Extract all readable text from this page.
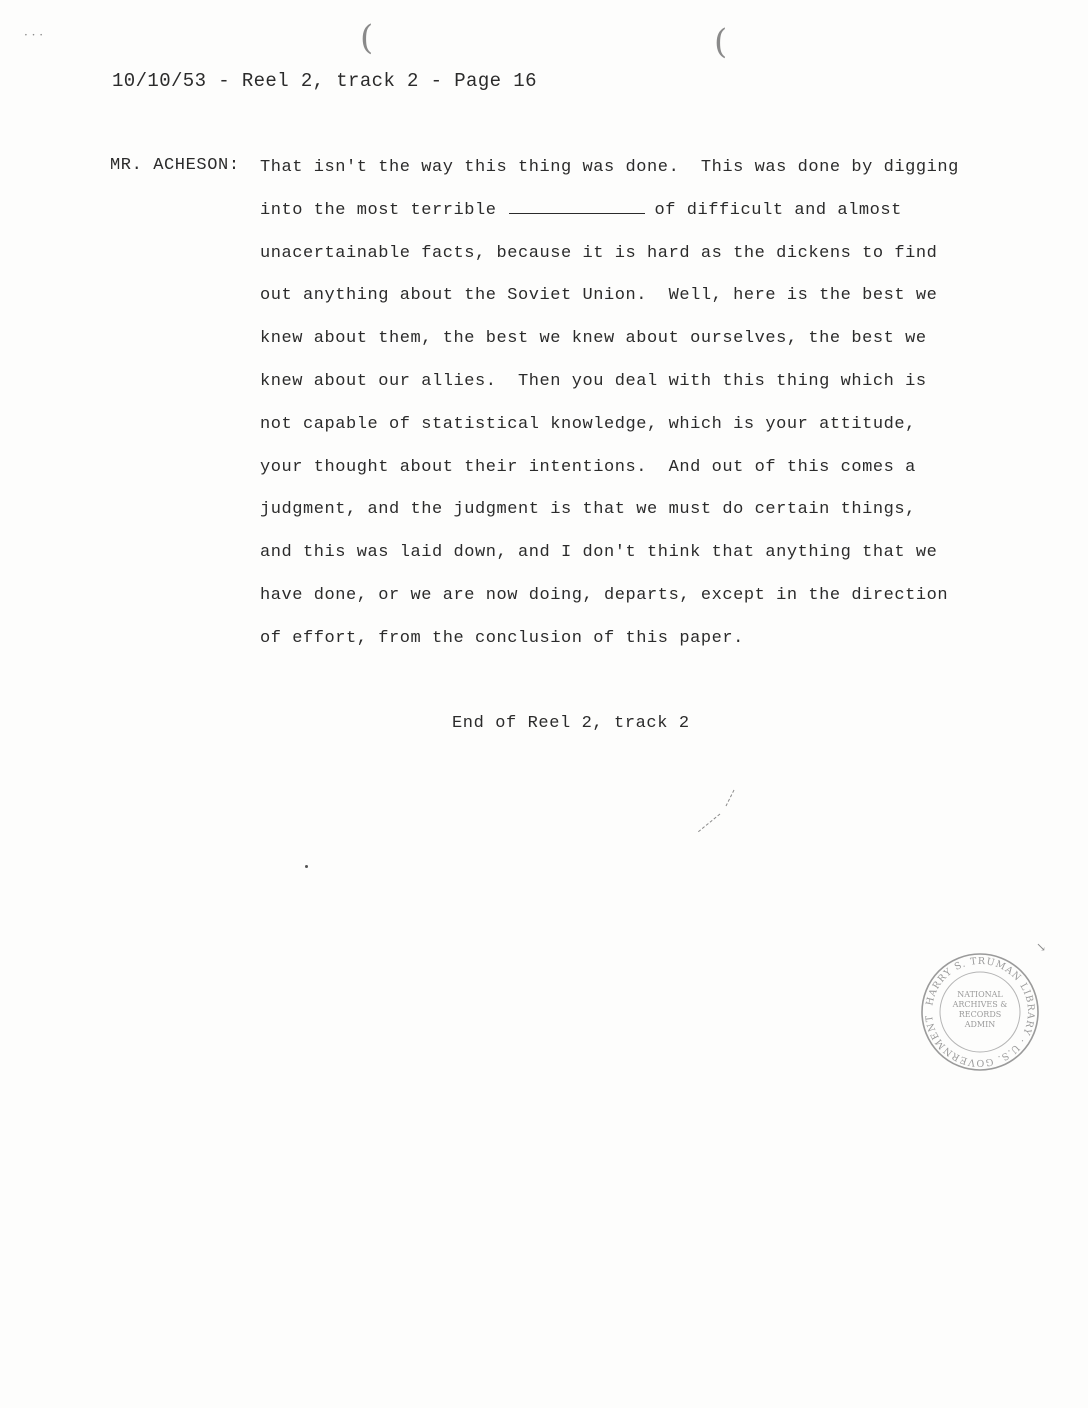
(	(
· · ·
10/10/53 - Reel 2, track 2 - Page 16
MR. ACHESON: That isn't the way this thing was done.  This was done by digging
into the most terrible	of difficult and almost
unacertainable facts, because it is hard as the dickens to find
out anything about the Soviet Union.  Well, here is the best we
knew about them, the best we knew about ourselves, the best we
knew about our allies.  Then you deal with this thing which is
not capable of statistical knowledge, which is your attitude,
your thought about their intentions.  And out of this comes a
judgment, and the judgment is that we must do certain things,
and this was laid down, and I don't think that anything that we
have done, or we are now doing, departs, except in the direction
of effort, from the conclusion of this paper.
End of Reel 2, track 2
HARRY S. TRUMAN LIBRARY · U.S. GOVERNMENT
NATIONAL ARCHIVES & RECORDS ADMIN
↘
